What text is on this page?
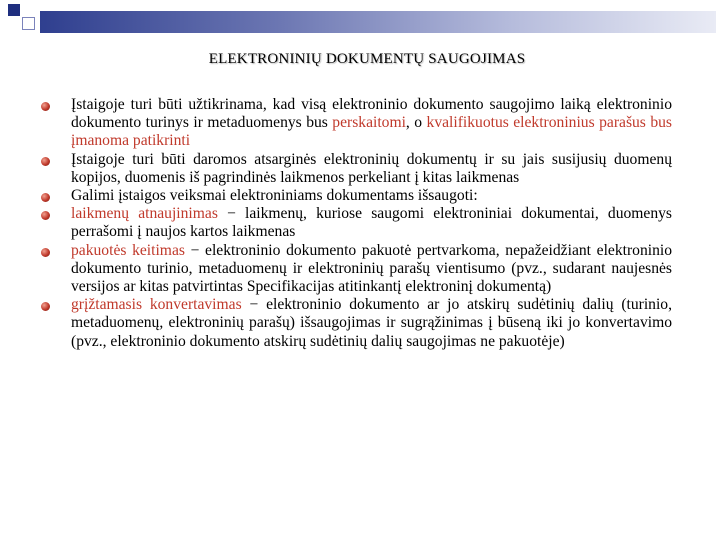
ELEKTRONINIŲ DOKUMENTŲ SAUGOJIMAS
Įstaigoje turi būti užtikrinama, kad visą elektroninio dokumento saugojimo laiką elektroninio dokumento turinys ir metaduomenys bus perskaitomi, o kvalifikuotus elektroninius parašus bus įmanoma patikrinti
Įstaigoje turi būti daromos atsarginės elektroninių dokumentų ir su jais susijusių duomenų kopijos, duomenis iš pagrindinės laikmenos perkeliant į kitas laikmenas
Galimi įstaigos veiksmai elektroniniams dokumentams išsaugoti:
laikmenų atnaujinimas − laikmenų, kuriose saugomi elektroniniai dokumentai, duomenys perrašomi į naujos kartos laikmenas
pakuotės keitimas − elektroninio dokumento pakuotė pertvarkoma, nepažeidžiant elektroninio dokumento turinio, metaduomenų ir elektroninių parašų vientisumo (pvz., sudarant naujesnės versijos ar kitas patvirtintas Specifikacijas atitinkantį elektroninį dokumentą)
grįžtamasis konvertavimas − elektroninio dokumento ar jo atskirų sudėtinių dalių (turinio, metaduomenų, elektroninių parašų) išsaugojimas ir sugrąžinimas į būseną iki jo konvertavimo (pvz., elektroninio dokumento atskirų sudėtinių dalių saugojimas ne pakuotėje)
